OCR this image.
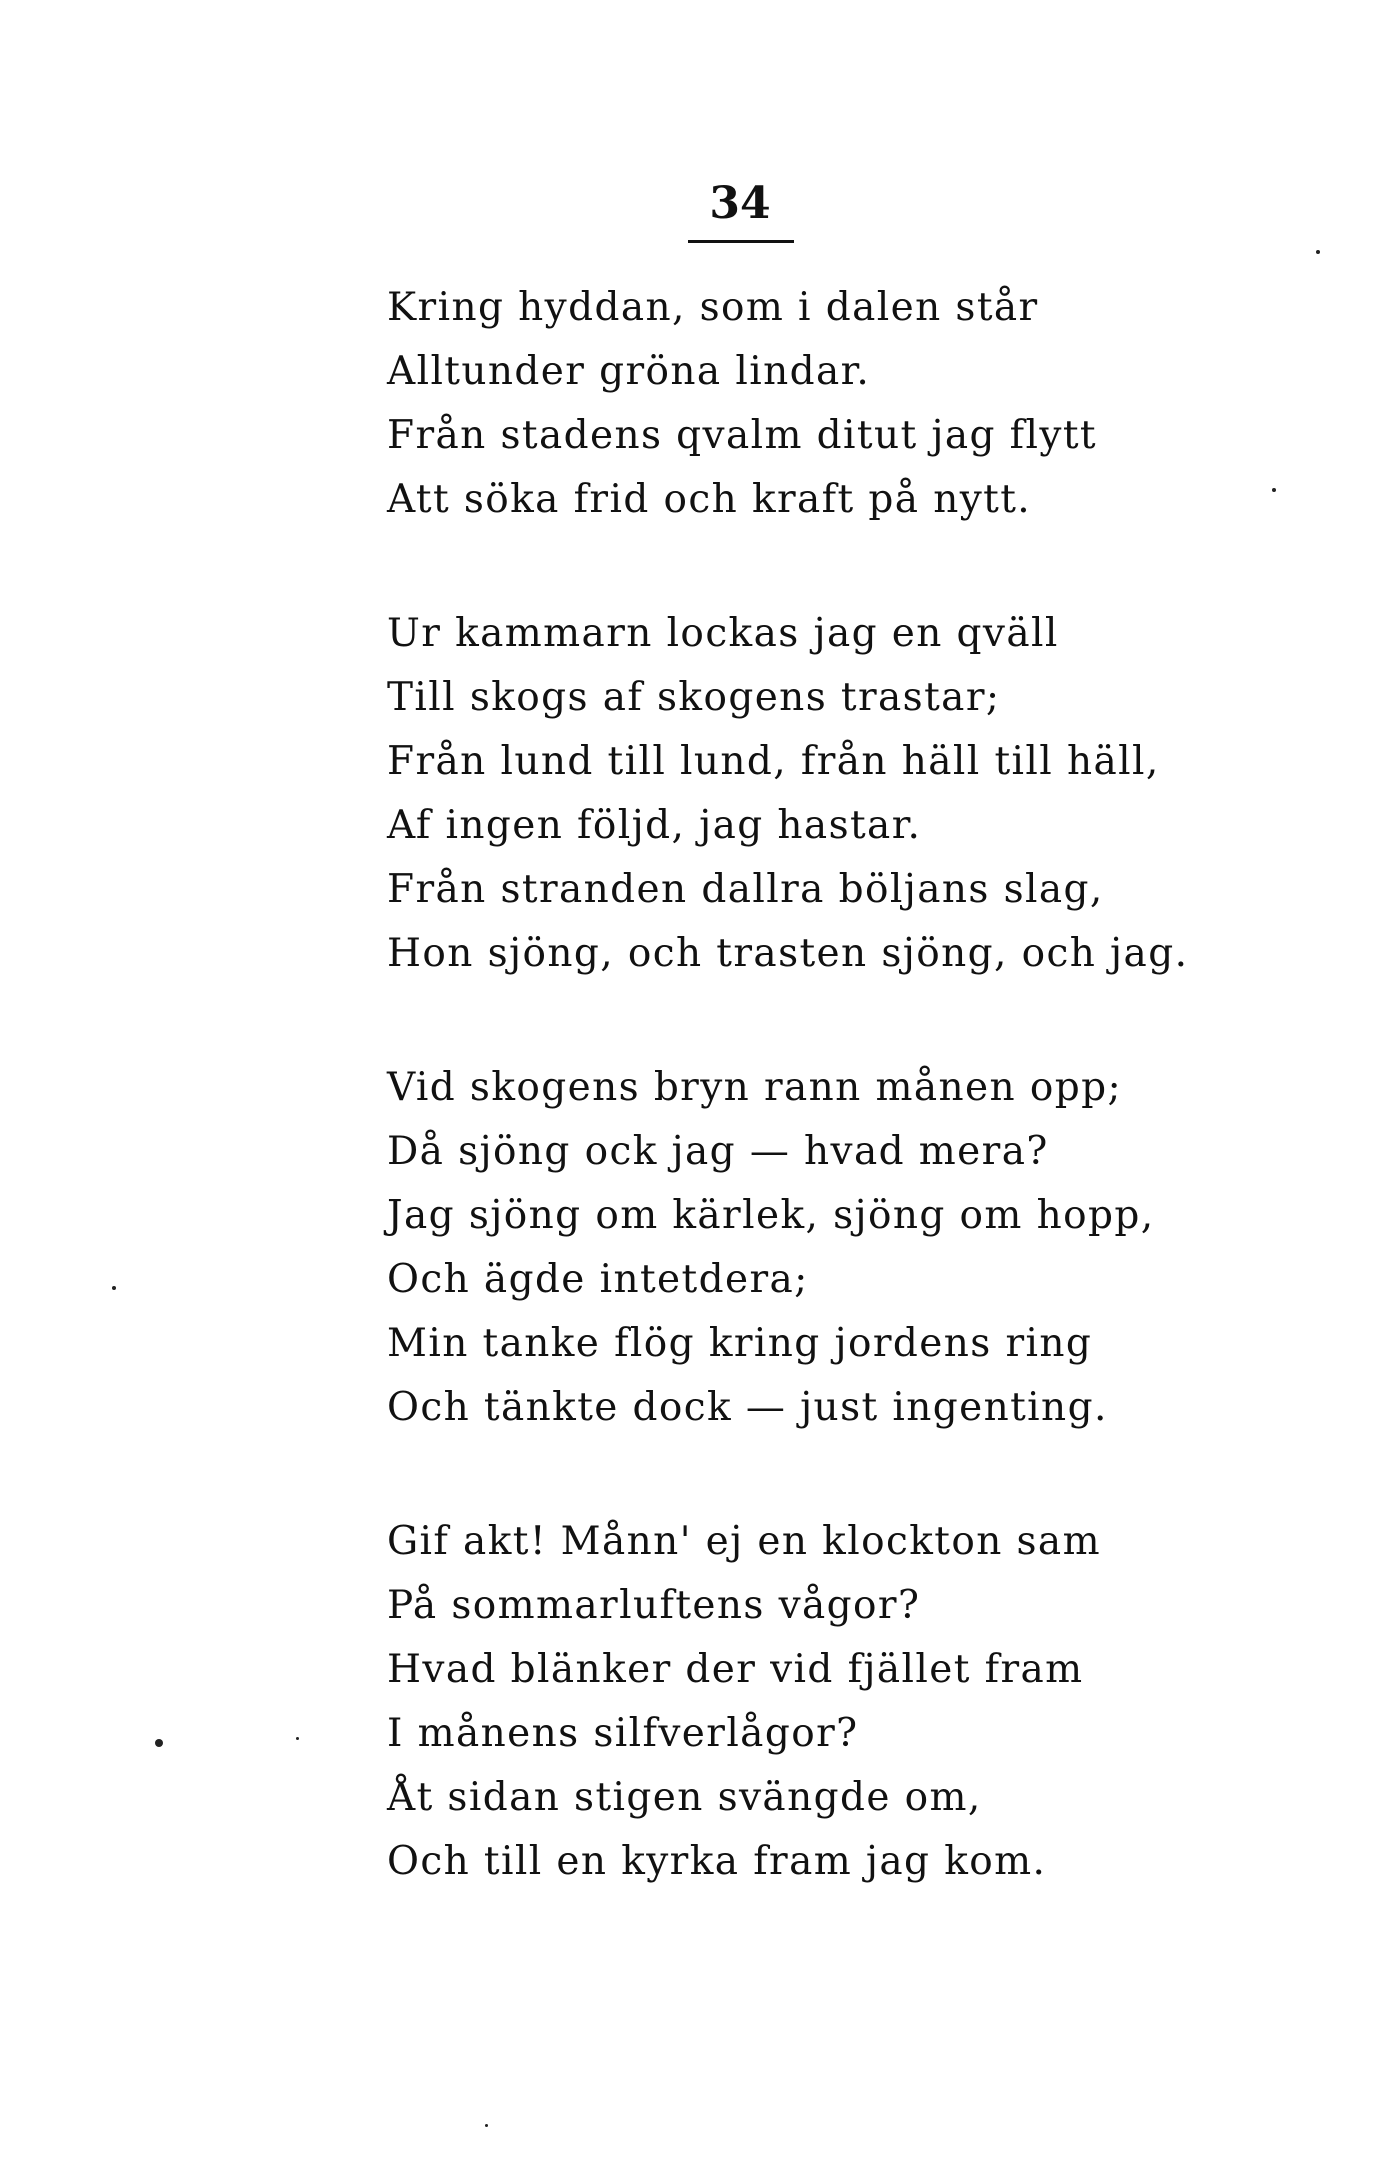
34
Kring hyddan, som i dalen står
Alltunder gröna lindar.
Från stadens qvalm ditut jag flytt
Att söka frid och kraft på nytt.
Ur kammarn lockas jag en qväll
Till skogs af skogens trastar;
Från lund till lund, från häll till häll,
Af ingen följd, jag hastar.
Från stranden dallra böljans slag,
Hon sjöng, och trasten sjöng, och jag.
Vid skogens bryn rann månen opp;
Då sjöng ock jag — hvad mera?
Jag sjöng om kärlek, sjöng om hopp,
Och ägde intetdera;
Min tanke flög kring jordens ring
Och tänkte dock — just ingenting.
Gif akt! Månn' ej en klockton sam
På sommarluftens vågor?
Hvad blänker der vid fjället fram
I månens silfverlågor?
Åt sidan stigen svängde om,
Och till en kyrka fram jag kom.
